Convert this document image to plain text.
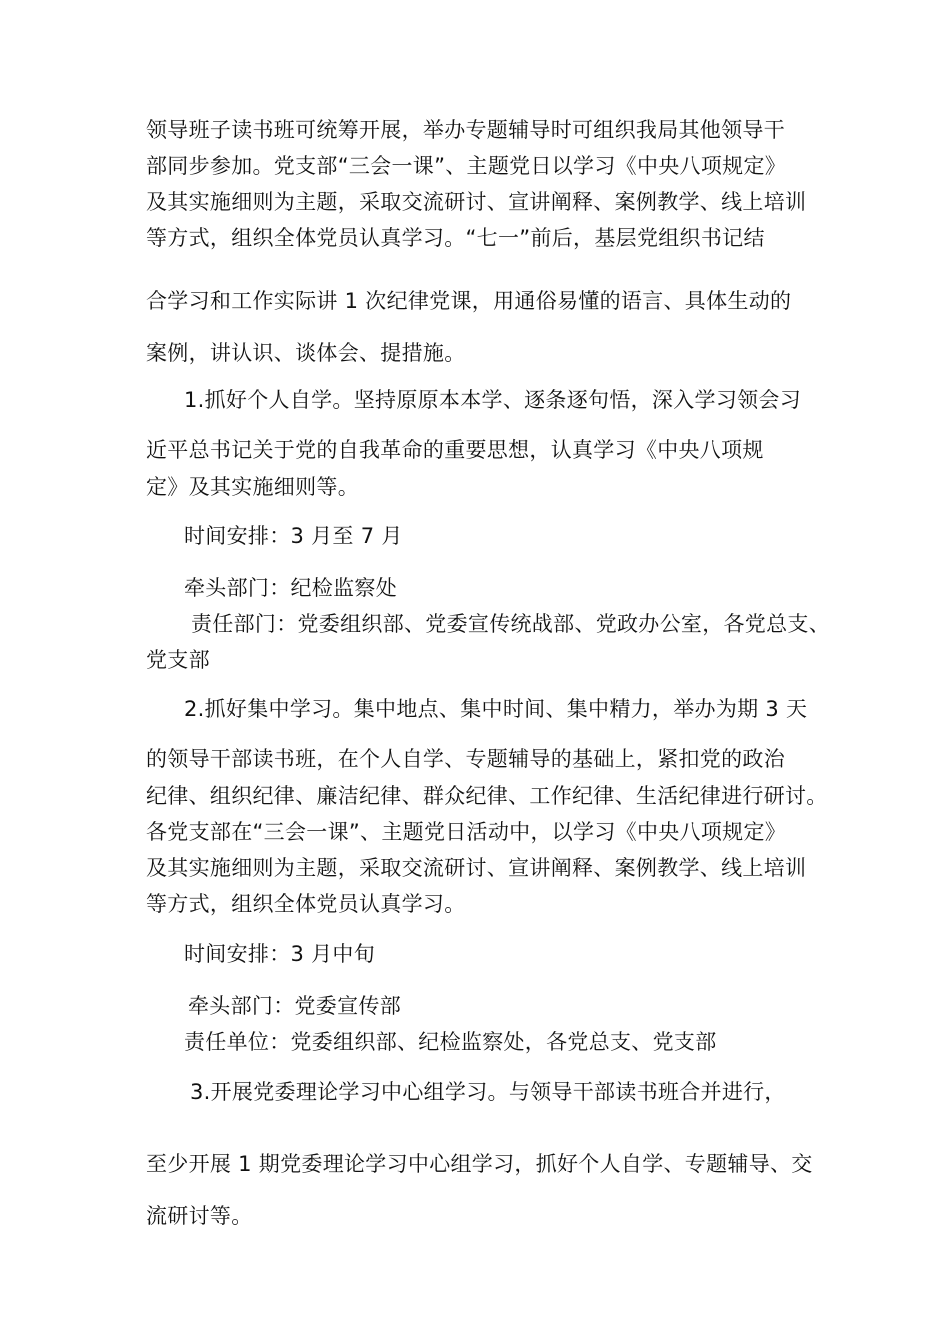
领导班子读书班可统筹开展，举办专题辅导时可组织我局其他领导干
部同步参加。党支部“三会一课”、主题党日以学习《中央八项规定》
及其实施细则为主题，采取交流研讨、宣讲阐释、案例教学、线上培训
等方式，组织全体党员认真学习。“七一”前后，基层党组织书记结
合学习和工作实际讲 1 次纪律党课，用通俗易懂的语言、具体生动的
案例，讲认识、谈体会、提措施。
1.抓好个人自学。坚持原原本本学、逐条逐句悟，深入学习领会习
近平总书记关于党的自我革命的重要思想，认真学习《中央八项规
定》及其实施细则等。
时间安排：3 月至 7 月
牵头部门：纪检监察处
责任部门：党委组织部、党委宣传统战部、党政办公室，各党总支、
党支部
2.抓好集中学习。集中地点、集中时间、集中精力，举办为期 3 天
的领导干部读书班，在个人自学、专题辅导的基础上，紧扣党的政治
纪律、组织纪律、廉洁纪律、群众纪律、工作纪律、生活纪律进行研讨。
各党支部在“三会一课”、主题党日活动中，以学习《中央八项规定》
及其实施细则为主题，采取交流研讨、宣讲阐释、案例教学、线上培训
等方式，组织全体党员认真学习。
时间安排：3 月中旬
牵头部门：党委宣传部
责任单位：党委组织部、纪检监察处，各党总支、党支部
3.开展党委理论学习中心组学习。与领导干部读书班合并进行，
至少开展 1 期党委理论学习中心组学习，抓好个人自学、专题辅导、交
流研讨等。
